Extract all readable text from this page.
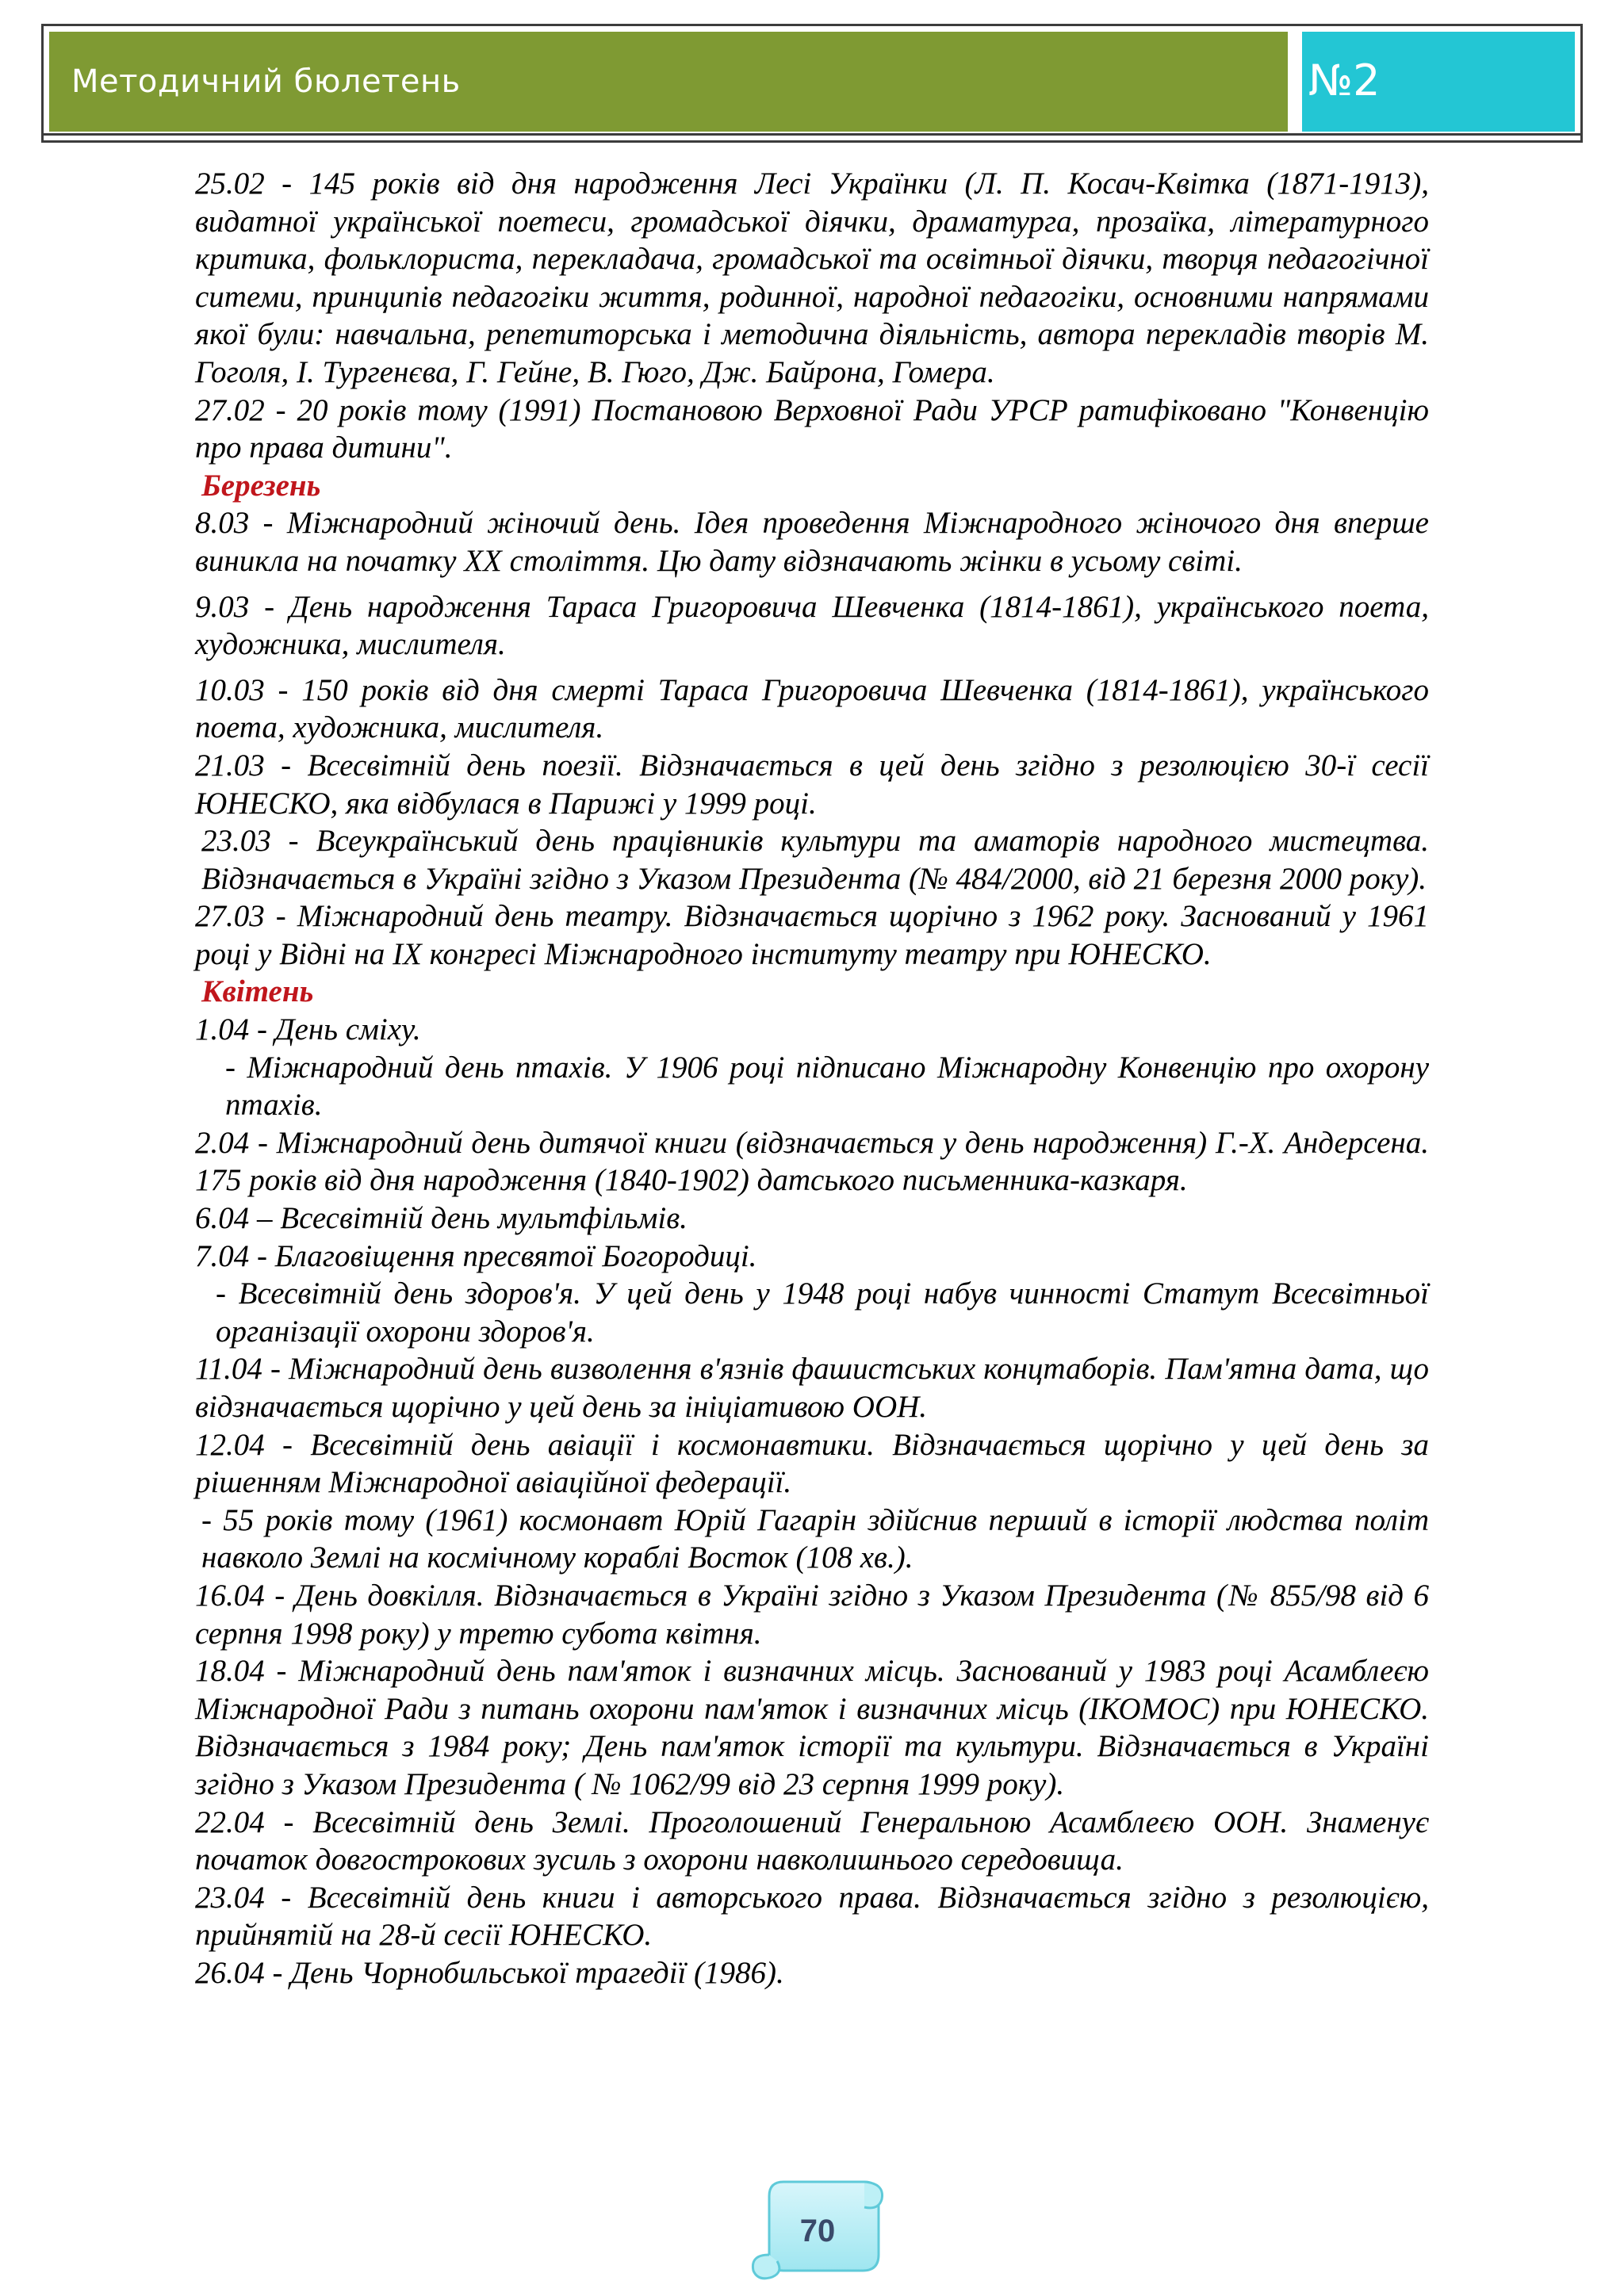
Методичний бюлетень	№2

25.02 - 145 років від дня народження Лесі Українки (Л. П. Косач-Квітка (1871-1913), видатної української поетеси, громадської діячки, драматурга, прозаїка, літературного критика, фольклориста, перекладача, громадської та освітньої діячки, творця педагогічної ситеми, принципів педагогіки життя, родинної, народної педагогіки, основними напрямами якої були: навчальна, репетиторська і методична діяльність, автора перекладів творів М. Гоголя, І. Тургенєва, Г. Гейне, В. Гюго, Дж. Байрона, Гомера.

27.02 - 20 років тому (1991) Постановою Верховної Ради УРСР ратифіковано "Конвенцію про права дитини".

Березень

8.03 - Міжнародний жіночий день. Ідея проведення Міжнародного жіночого дня вперше виникла на початку XX століття. Цю дату відзначають жінки в усьому світі.

9.03 - День народження Тараса Григоровича Шевченка (1814-1861), українського поета, художника, мислителя.

10.03 - 150 років від дня смерті Тараса Григоровича Шевченка (1814-1861), українського поета, художника, мислителя.

21.03 - Всесвітній день поезії. Відзначається в цей день згідно з резолюцією 30-ї сесії ЮНЕСКО, яка відбулася в Парижі у 1999 році.

23.03 - Всеукраїнський день працівників культури та аматорів народного мистецтва. Відзначається в Україні згідно з Указом Президента (№ 484/2000, від 21 березня 2000 року).

27.03 - Міжнародний день театру. Відзначається щорічно з 1962 року. Заснований у 1961 році у Відні на IX конгресі Міжнародного інституту театру при ЮНЕСКО.

Квітень

1.04 - День сміху.

- Міжнародний день птахів. У 1906 році підписано Міжнародну Конвенцію про охорону птахів.

2.04 - Міжнародний день дитячої книги (відзначається у день народження) Г.-Х. Андерсена. 175 років від дня народження (1840-1902) датського письменника-казкаря.

6.04 – Всесвітній день мультфільмів.

7.04 - Благовіщення пресвятої Богородиці.

- Всесвітній день здоров'я. У цей день у 1948 році набув чинності Статут Всесвітньої організації охорони здоров'я.

11.04 - Міжнародний день визволення в'язнів фашистських концтаборів. Пам'ятна дата, що відзначається щорічно у цей день за ініціативою ООН.

12.04 - Всесвітній день авіації і космонавтики. Відзначається щорічно у цей день за рішенням Міжнародної авіаційної федерації.

- 55 років тому (1961) космонавт Юрій Гагарін здійснив перший в історії людства політ навколо Землі на космічному кораблі Восток (108 хв.).

16.04 - День довкілля. Відзначається в Україні згідно з Указом Президента (№ 855/98 від 6 серпня 1998 року) у третю субота квітня.

18.04 - Міжнародний день пам'яток і визначних місць. Заснований у 1983 році Асамблеєю Міжнародної Ради з питань охорони пам'яток і визначних місць (ІКОМОС) при ЮНЕСКО. Відзначається з 1984 року; День пам'яток історії та культури. Відзначається в Україні згідно з Указом Президента ( № 1062/99 від 23 серпня 1999 року).

22.04 - Всесвітній день Землі. Проголошений Генеральною Асамблеєю ООН. Знаменує початок довгострокових зусиль з охорони навколишнього середовища.

23.04 - Всесвітній день книги і авторського права. Відзначається згідно з резолюцією, прийнятій на 28-й сесії ЮНЕСКО.

26.04 - День Чорнобильської трагедії (1986).

70
